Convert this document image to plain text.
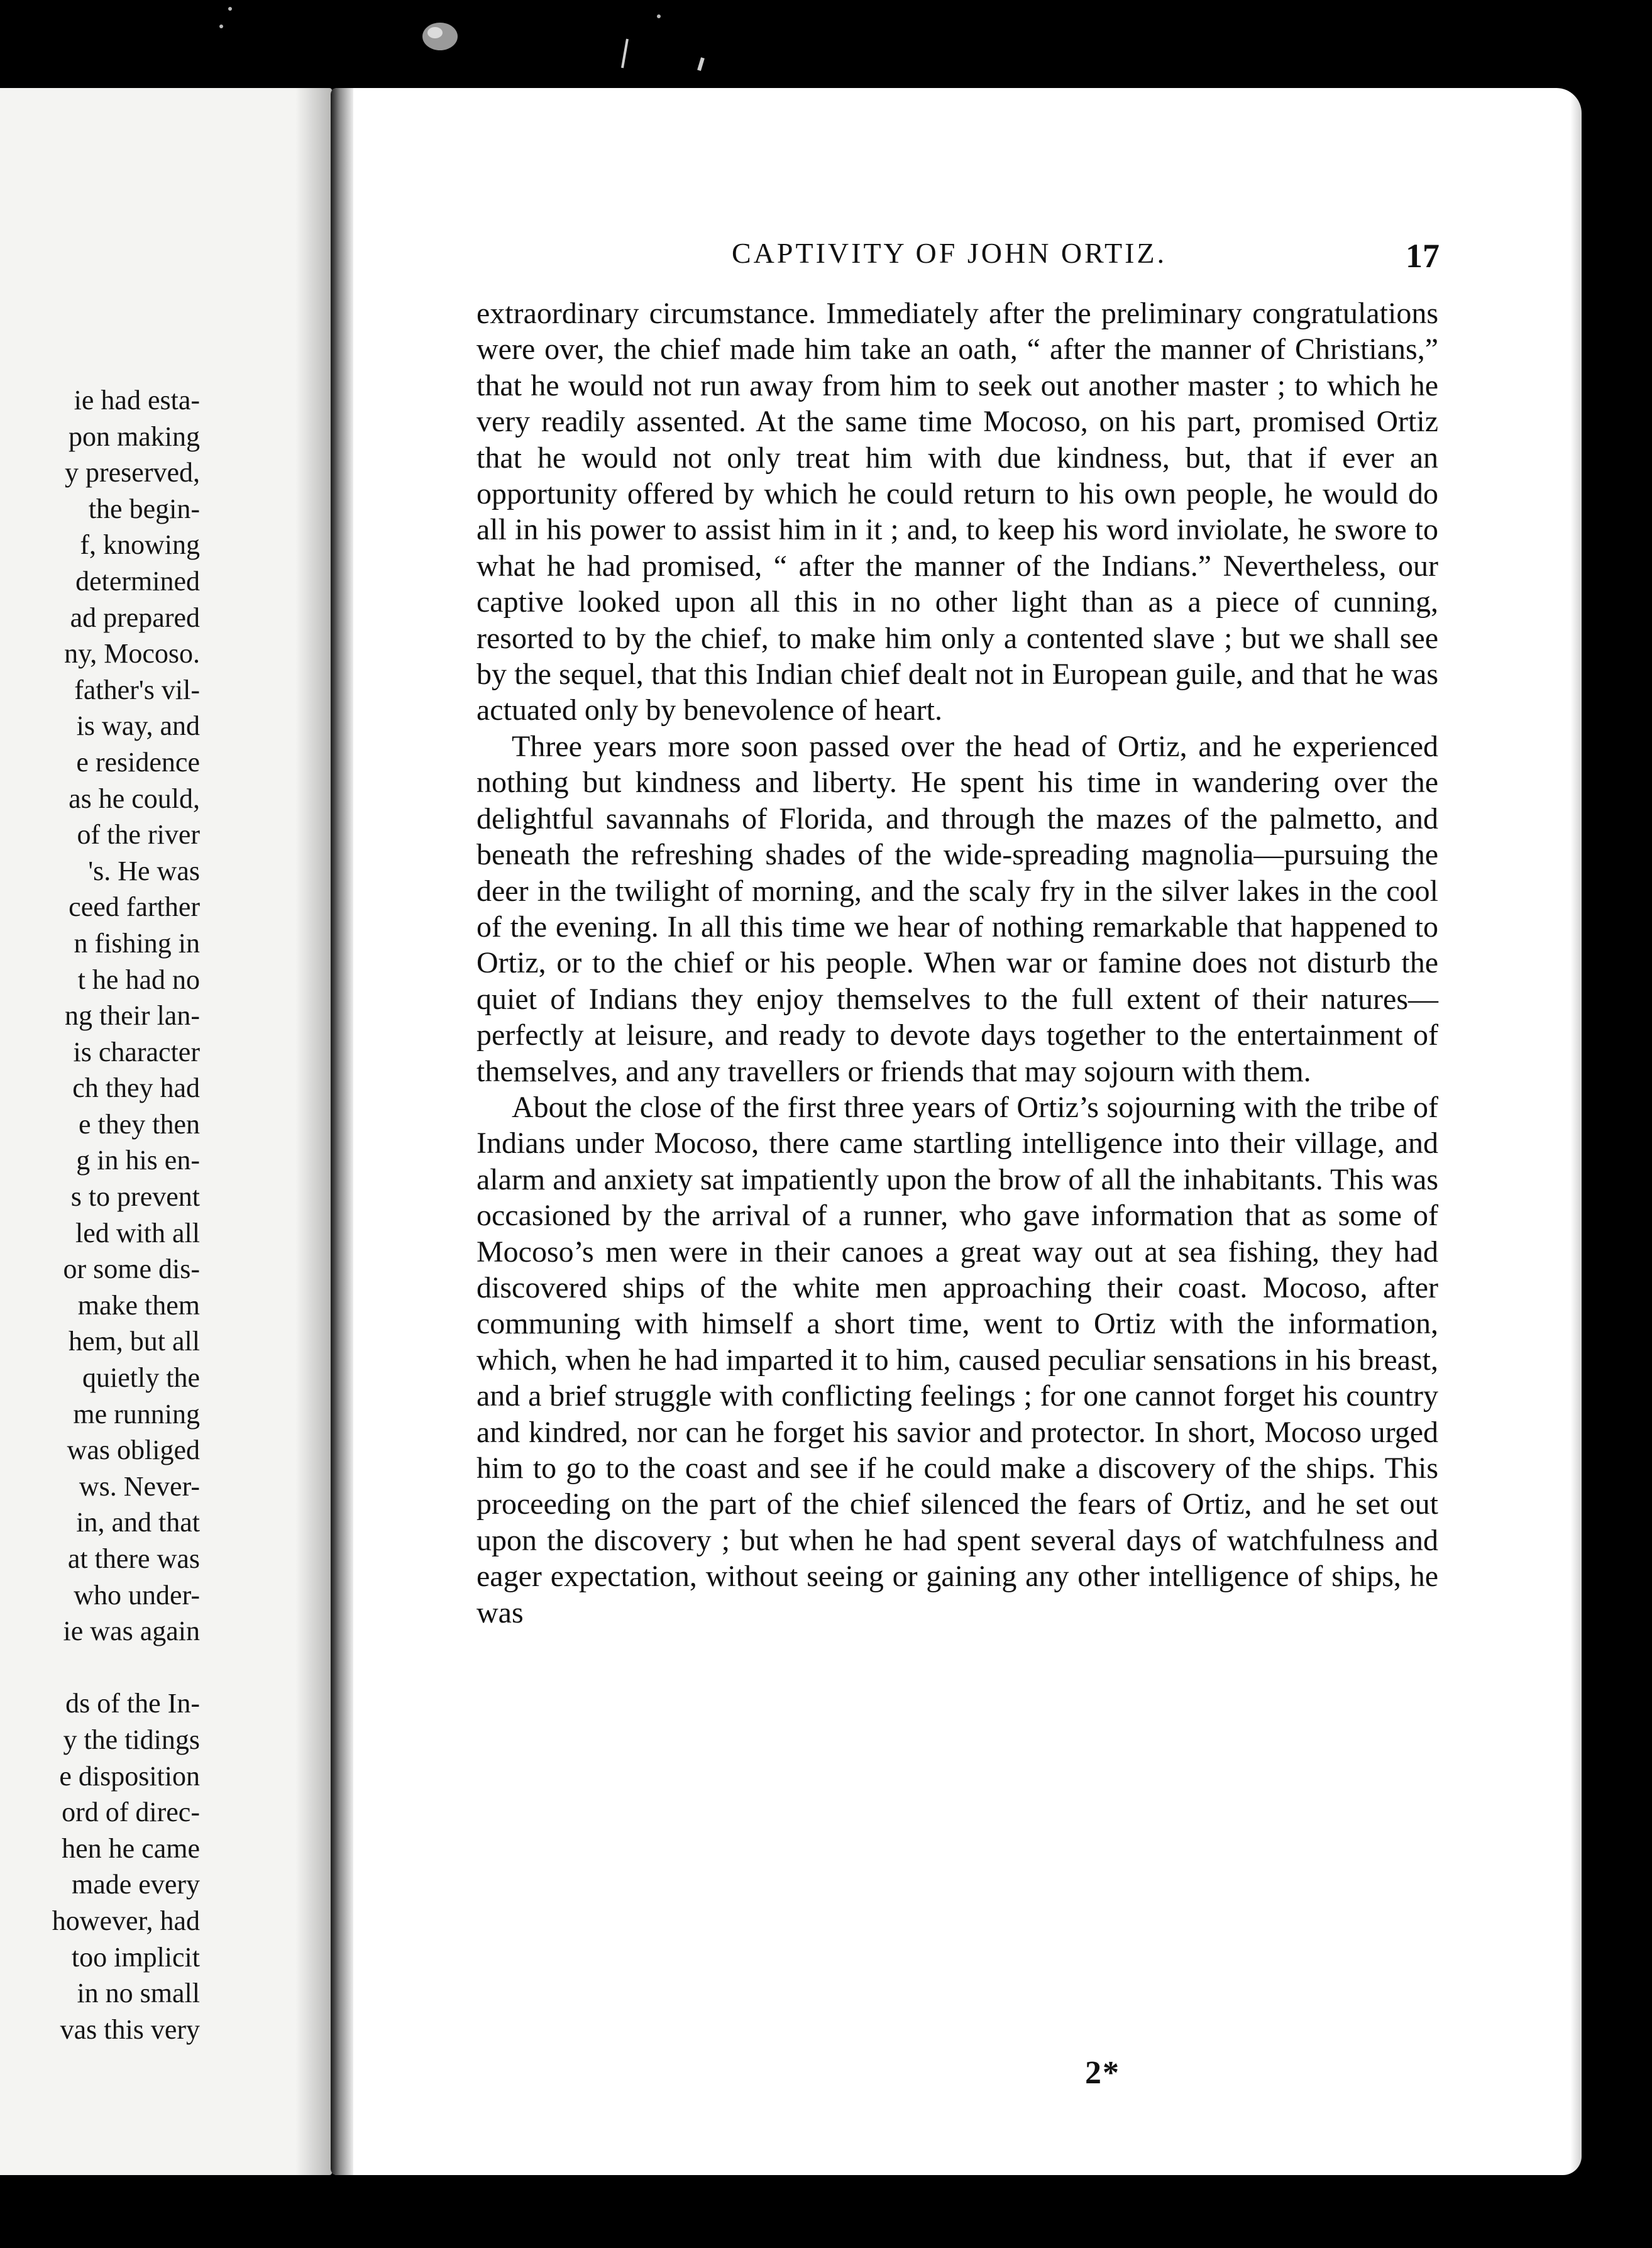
ie had esta-
pon making
y preserved,
the begin-
f, knowing
determined
ad prepared
ny, Mocoso.
father's vil-
is way, and
e residence
as he could,
of the river
's. He was
ceed farther
n fishing in
t he had no
ng their lan-
is character
ch they had
e they then
g in his en-
s to prevent
led with all
or some dis-
make them
hem, but all
quietly the
me running
was obliged
ws. Never-
in, and that
at there was
who under-
ie was again
ds of the In-
y the tidings
e disposition
ord of direc-
hen he came
made every
however, had
too implicit
in no small
vas this very
CAPTIVITY OF JOHN ORTIZ.	17

extraordinary circumstance. Immediately after the preliminary congratulations were over, the chief made him take an oath, “ after the manner of Christians,” that he would not run away from him to seek out another master ; to which he very readily assented. At the same time Mocoso, on his part, promised Ortiz that he would not only treat him with due kindness, but, that if ever an opportunity offered by which he could return to his own people, he would do all in his power to assist him in it ; and, to keep his word inviolate, he swore to what he had promised, “ after the manner of the Indians.” Nevertheless, our captive looked upon all this in no other light than as a piece of cunning, resorted to by the chief, to make him only a contented slave ; but we shall see by the sequel, that this Indian chief dealt not in European guile, and that he was actuated only by benevolence of heart.

Three years more soon passed over the head of Ortiz, and he experienced nothing but kindness and liberty. He spent his time in wandering over the delightful savannahs of Florida, and through the mazes of the palmetto, and beneath the refreshing shades of the wide-spreading magnolia—pursuing the deer in the twilight of morning, and the scaly fry in the silver lakes in the cool of the evening. In all this time we hear of nothing remarkable that happened to Ortiz, or to the chief or his people. When war or famine does not disturb the quiet of Indians they enjoy themselves to the full extent of their natures—perfectly at leisure, and ready to devote days together to the entertainment of themselves, and any travellers or friends that may sojourn with them.

About the close of the first three years of Ortiz’s sojourning with the tribe of Indians under Mocoso, there came startling intelligence into their village, and alarm and anxiety sat impatiently upon the brow of all the inhabitants. This was occasioned by the arrival of a runner, who gave information that as some of Mocoso’s men were in their canoes a great way out at sea fishing, they had discovered ships of the white men approaching their coast. Mocoso, after communing with himself a short time, went to Ortiz with the information, which, when he had imparted it to him, caused peculiar sensations in his breast, and a brief struggle with conflicting feelings ; for one cannot forget his country and kindred, nor can he forget his savior and protector. In short, Mocoso urged him to go to the coast and see if he could make a discovery of the ships. This proceeding on the part of the chief silenced the fears of Ortiz, and he set out upon the discovery ; but when he had spent several days of watchfulness and eager expectation, without seeing or gaining any other intelligence of ships, he was

2*
